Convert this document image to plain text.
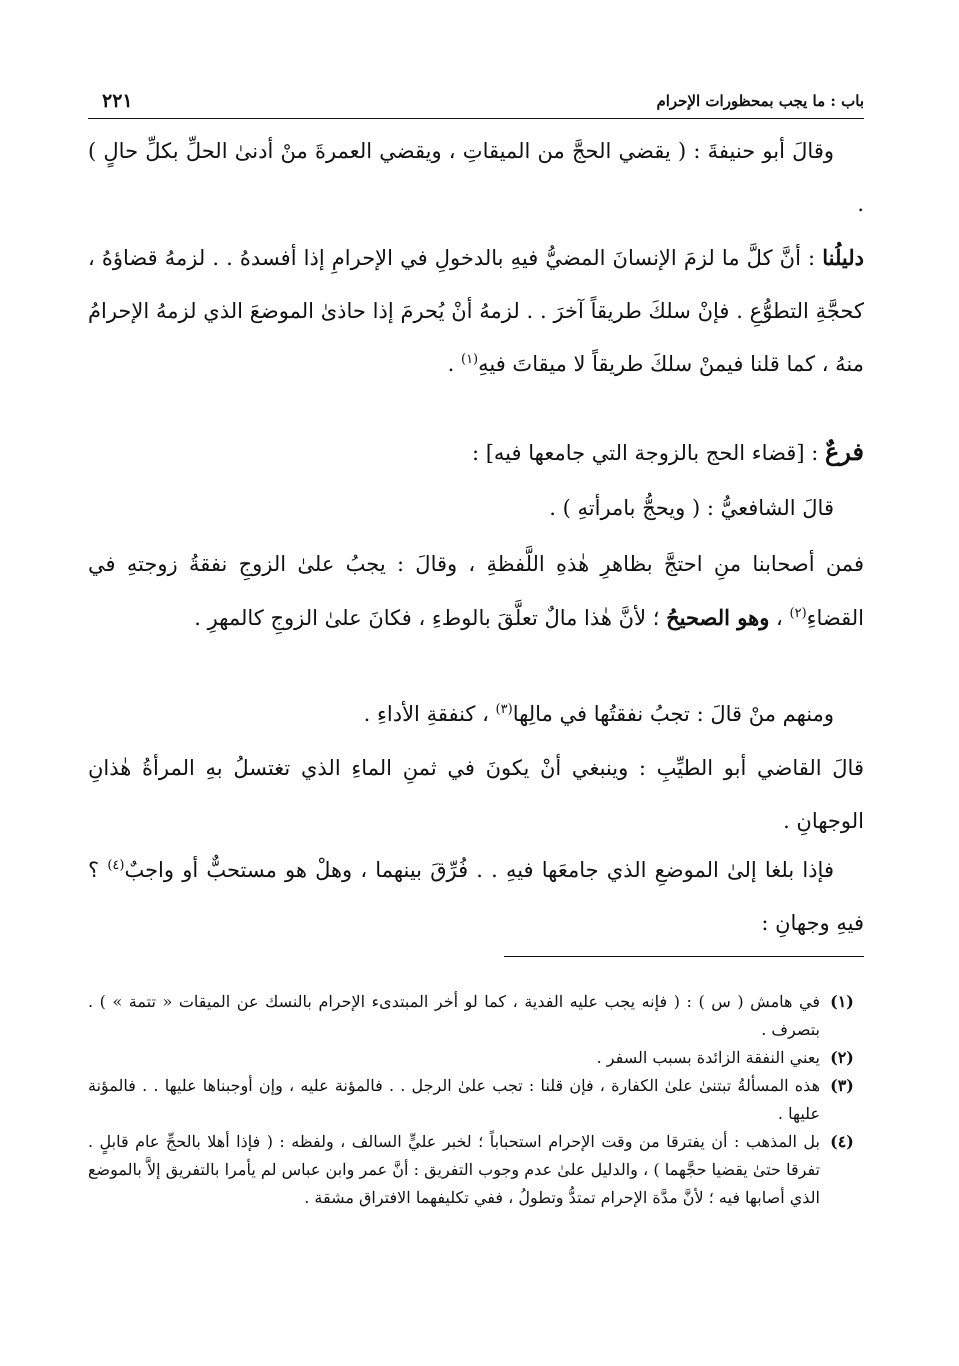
باب : ما يجب بمحظورات الإحرام
٢٢١

وقالَ أبو حنيفةَ : ( يقضي الحجَّ من الميقاتِ ، ويقضي العمرةَ منْ أدنىٰ الحلِّ بكلِّ حالٍ ) .

دليلُنا : أنَّ كلَّ ما لزمَ الإنسانَ المضيُّ فيهِ بالدخولِ في الإحرامِ إذا أفسدهُ . . لزمهُ قضاؤهُ ، كحجَّةِ التطوُّعِ . فإنْ سلكَ طريقاً آخرَ . . لزمهُ أنْ يُحرمَ إذا حاذىٰ الموضعَ الذي لزمهُ الإحرامُ منهُ ، كما قلنا فيمنْ سلكَ طريقاً لا ميقاتَ فيهِ$^{(١)}$ .

فرعٌ : [قضاء الحج بالزوجة التي جامعها فيه] :

قالَ الشافعيُّ : ( ويحجُّ بامرأتهِ ) .

فمن أصحابنا منِ احتجَّ بظاهرِ هٰذهِ اللَّفظةِ ، وقالَ : يجبُ علىٰ الزوجِ نفقةُ زوجتهِ في القضاءِ$^{(٢)}$ ، وهو الصحيحُ ؛ لأنَّ هٰذا مالٌ تعلَّقَ بالوطءِ ، فكانَ علىٰ الزوجِ كالمهرِ .

ومنهم منْ قالَ : تجبُ نفقتُها في مالِها$^{(٣)}$ ، كنفقةِ الأداءِ .

قالَ القاضي أبو الطيِّبِ : وينبغي أنْ يكونَ في ثمنِ الماءِ الذي تغتسلُ بهِ المرأةُ هٰذانِ الوجهانِ .

فإذا بلغا إلىٰ الموضعِ الذي جامعَها فيهِ . . فُرِّقَ بينهما ، وهلْ هو مستحبٌّ أو واجبٌ$^{(٤)}$ ؟ فيهِ وجهانِ :

(١)
في هامش ( س ) : ( فإنه يجب عليه الفدية ، كما لو أخر المبتدىء الإحرام بالنسك عن الميقات « تتمة » ) . بتصرف .
(٢)
يعني النفقة الزائدة بسبب السفر .
(٣)
هذه المسألةُ تبتنىٰ علىٰ الكفارة ، فإن قلنا : تجب علىٰ الرجل . . فالمؤنة عليه ، وإن أوجبناها عليها . . فالمؤنة عليها .
(٤)
بل المذهب : أن يفترقا من وقت الإحرام استحباباً ؛ لخبر عليٍّ السالف ، ولفظه : ( فإذا أهلا بالحجِّ عام قابلٍ . تفرقا حتىٰ يقضيا حجَّهما ) ، والدليل علىٰ عدم وجوب التفريق : أنَّ عمر وابن عباس لم يأمرا بالتفريق إلاَّ بالموضع الذي أصابها فيه ؛ لأنَّ مدَّة الإحرام تمتدُّ وتطولُ ، ففي تكليفهما الافتراق مشقة .
